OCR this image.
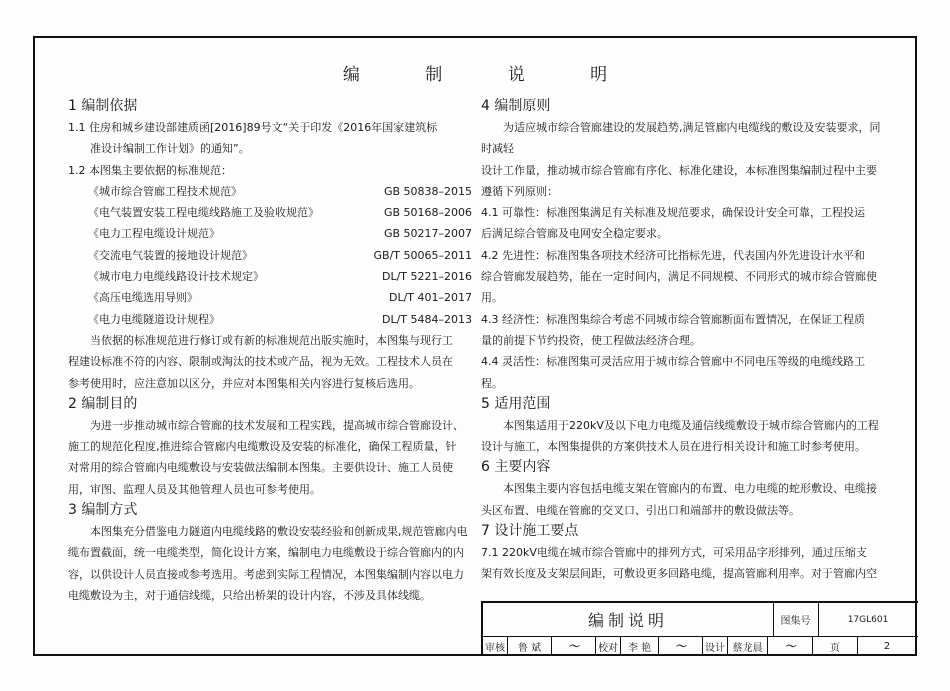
编 制 说 明
1 编制依据

1.1 住房和城乡建设部建质函[2016]89号文“关于印发《2016年国家建筑标

准设计编制工作计划》的通知”。

1.2 本图集主要依据的标准规范：

《城市综合管廊工程技术规范》	GB 50838–2015
《电气装置安装工程电缆线路施工及验收规范》	GB 50168–2006
《电力工程电缆设计规范》	GB 50217–2007
《交流电气装置的接地设计规范》	GB/T 50065–2011
《城市电力电缆线路设计技术规定》	DL/T 5221–2016
《高压电缆选用导则》	DL/T 401–2017
《电力电缆隧道设计规程》	DL/T 5484–2013

当依据的标准规范进行修订或有新的标准规范出版实施时，本图集与现行工

程建设标准不符的内容、限制或淘汰的技术或产品，视为无效。工程技术人员在

参考使用时，应注意加以区分，并应对本图集相关内容进行复核后选用。

2 编制目的

为进一步推动城市综合管廊的技术发展和工程实践，提高城市综合管廊设计、

施工的规范化程度,推进综合管廊内电缆敷设及安装的标准化，确保工程质量，针

对常用的综合管廊内电缆敷设与安装做法编制本图集。主要供设计、施工人员使

用，审图、监理人员及其他管理人员也可参考使用。

3 编制方式

本图集充分借鉴电力隧道内电缆线路的敷设安装经验和创新成果,规范管廊内电

缆布置截面，统一电缆类型，简化设计方案，编制电力电缆敷设于综合管廊内的内

容，以供设计人员直接或参考选用。考虑到实际工程情况，本图集编制内容以电力

电缆敷设为主，对于通信线缆，只给出桥架的设计内容，不涉及具体线缆。

4 编制原则

为适应城市综合管廊建设的发展趋势,满足管廊内电缆线的敷设及安装要求，同时减轻

设计工作量，推动城市综合管廊有序化、标准化建设，本标准图集编制过程中主要

遵循下列原则：

4.1 可靠性：标准图集满足有关标准及规范要求，确保设计安全可靠，工程投运

后满足综合管廊及电网安全稳定要求。

4.2 先进性：标准图集各项技术经济可比指标先进，代表国内外先进设计水平和

综合管廊发展趋势，能在一定时间内，满足不同规模、不同形式的城市综合管廊使

用。

4.3 经济性：标准图集综合考虑不同城市综合管廊断面布置情况，在保证工程质

量的前提下节约投资，使工程做法经济合理。

4.4 灵活性：标准图集可灵活应用于城市综合管廊中不同电压等级的电缆线路工

程。

5 适用范围

本图集适用于220kV及以下电力电缆及通信线缆敷设于城市综合管廊内的工程

设计与施工，本图集提供的方案供技术人员在进行相关设计和施工时参考使用。

6 主要内容

本图集主要内容包括电缆支架在管廊内的布置、电力电缆的蛇形敷设、电缆接

头区布置、电缆在管廊的交叉口、引出口和端部井的敷设做法等。

7 设计施工要点

7.1 220kV电缆在城市综合管廊中的排列方式，可采用品字形排列，通过压缩支

架有效长度及支架层间距，可敷设更多回路电缆，提高管廊利用率。对于管廊内空

编制说明	图集号	17GL601
审核	鲁 斌	～	校对 李 艳	～	设计 蔡龙晨	～	页	2
